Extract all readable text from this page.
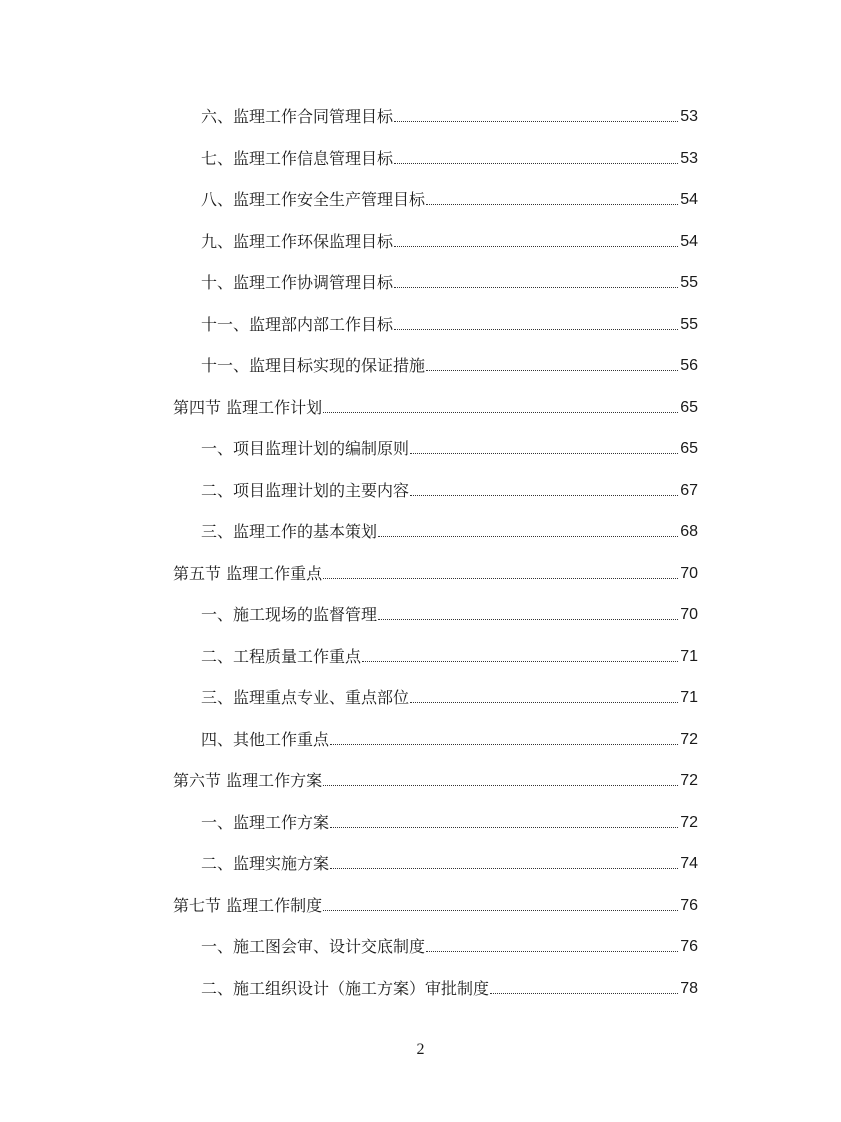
六、监理工作合同管理目标	53
七、监理工作信息管理目标	53
八、监理工作安全生产管理目标	54
九、监理工作环保监理目标	54
十、监理工作协调管理目标	55
十一、监理部内部工作目标	55
十一、监理目标实现的保证措施	56
第四节 监理工作计划	65
一、项目监理计划的编制原则	65
二、项目监理计划的主要内容	67
三、监理工作的基本策划	68
第五节 监理工作重点	70
一、施工现场的监督管理	70
二、工程质量工作重点	71
三、监理重点专业、重点部位	71
四、其他工作重点	72
第六节 监理工作方案	72
一、监理工作方案	72
二、监理实施方案	74
第七节 监理工作制度	76
一、施工图会审、设计交底制度	76
二、施工组织设计（施工方案）审批制度	78
2
